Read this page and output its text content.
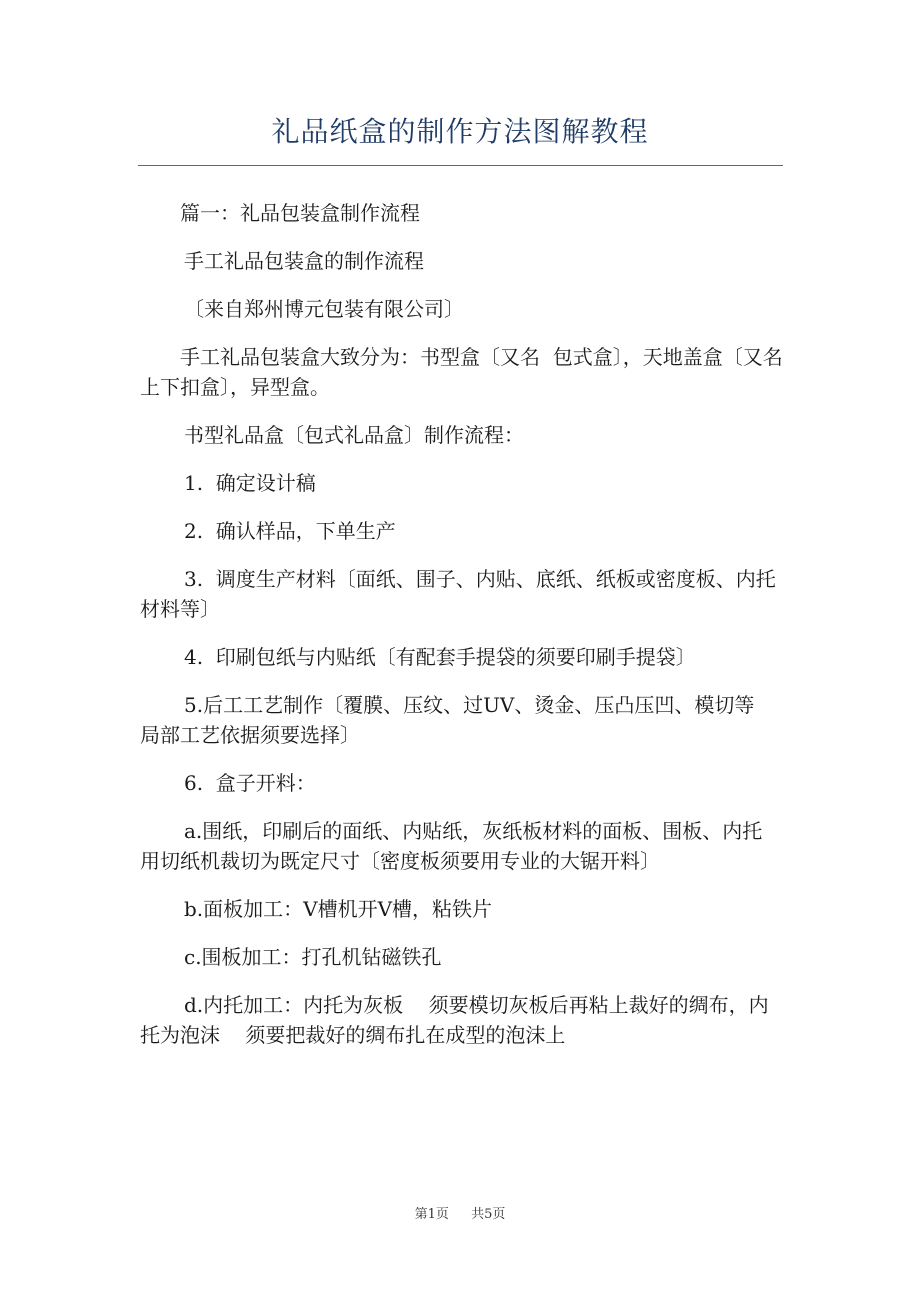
礼品纸盒的制作方法图解教程

篇一：礼品包装盒制作流程

手工礼品包装盒的制作流程

〔来自郑州博元包装有限公司〕

手工礼品包装盒大致分为：书型盒〔又名  包式盒〕，天地盖盒〔又名  上下扣盒〕，异型盒。

书型礼品盒〔包式礼品盒〕制作流程：

1.  确定设计稿

2.  确认样品，下单生产

3.  调度生产材料〔面纸、围子、内贴、底纸、纸板或密度板、内托材料等〕

4.  印刷包纸与内贴纸〔有配套手提袋的须要印刷手提袋〕

5.后工工艺制作〔覆膜、压纹、过UV、烫金、压凸压凹、模切等  局部工艺依据须要选择〕

6.  盒子开料：

a.围纸，印刷后的面纸、内贴纸，灰纸板材料的面板、围板、内托  用切纸机裁切为既定尺寸〔密度板须要用专业的大锯开料〕

b.面板加工：V槽机开V槽，粘铁片

c.围板加工：打孔机钻磁铁孔

d.内托加工：内托为灰板    须要模切灰板后再粘上裁好的绸布，内托为泡沫    须要把裁好的绸布扎在成型的泡沫上

第1页 共5页
